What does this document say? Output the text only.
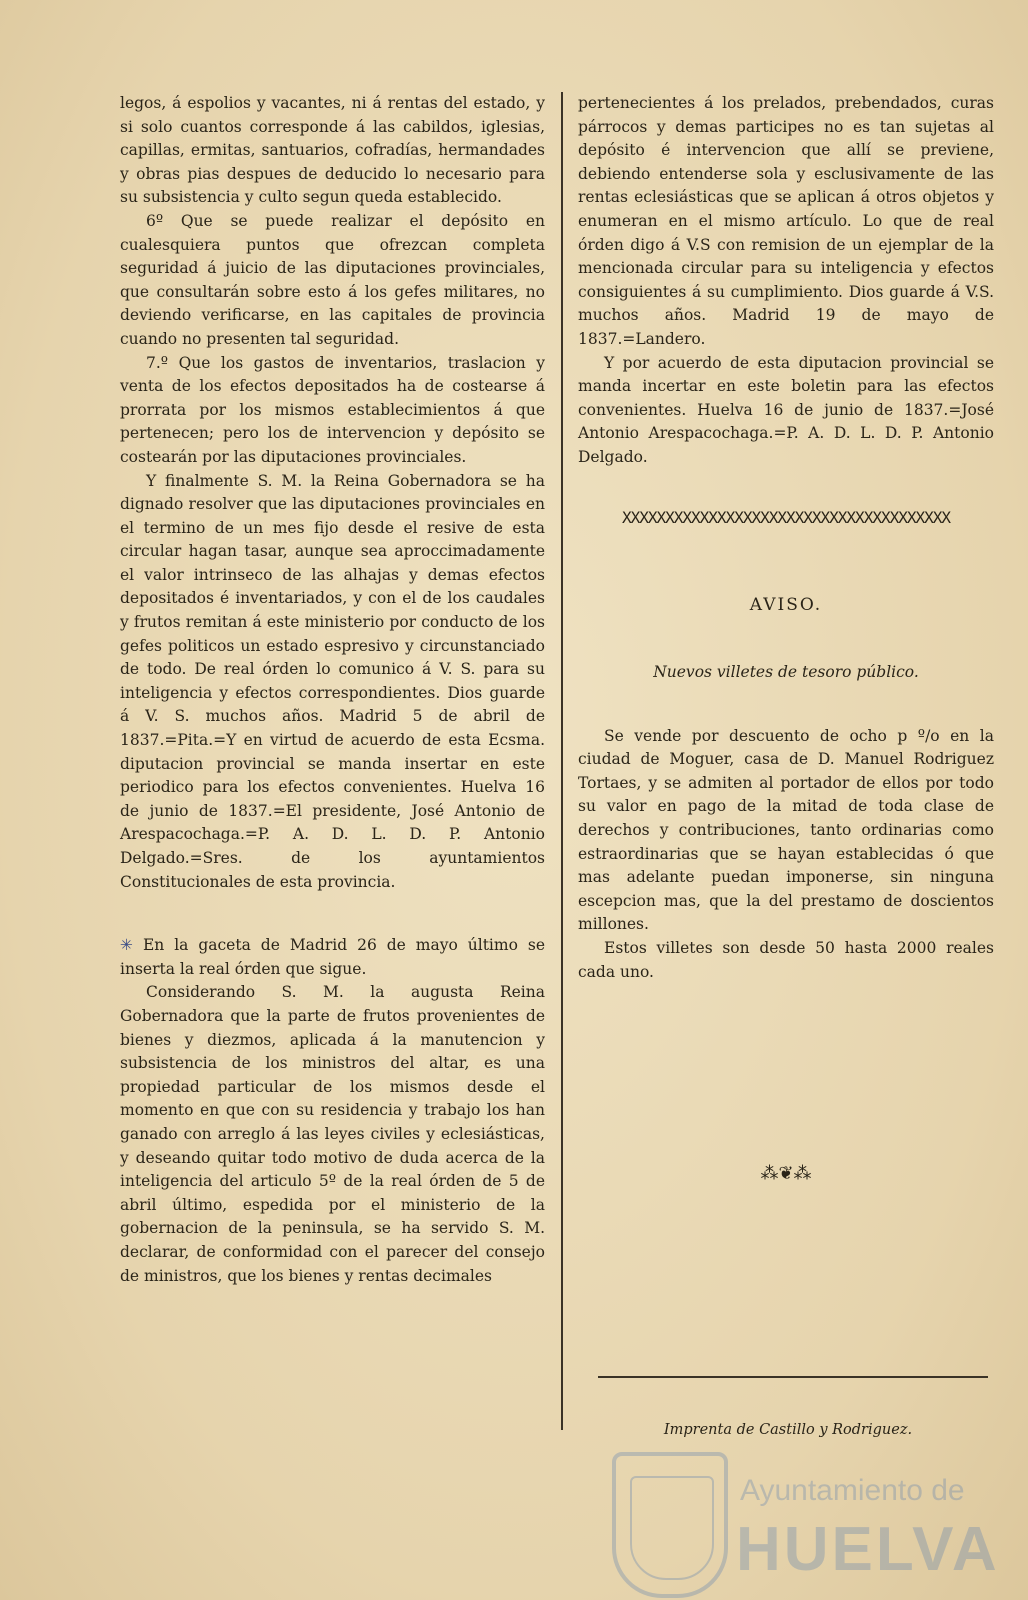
legos, á espolios y vacantes, ni á rentas del estado, y si solo cuantos corresponde á las cabildos, iglesias, capillas, ermitas, santuarios, cofradías, hermandades y obras pias despues de deducido lo necesario para su subsistencia y culto segun queda establecido.

6º Que se puede realizar el depósito en cualesquiera puntos que ofrezcan completa seguridad á juicio de las diputaciones provinciales, que consultarán sobre esto á los gefes militares, no deviendo verificarse, en las capitales de provincia cuando no presenten tal seguridad.

7.º Que los gastos de inventarios, traslacion y venta de los efectos depositados ha de costearse á prorrata por los mismos establecimientos á que pertenecen; pero los de intervencion y depósito se costearán por las diputaciones provinciales.

Y finalmente S. M. la Reina Gobernadora se ha dignado resolver que las diputaciones provinciales en el termino de un mes fijo desde el resive de esta circular hagan tasar, aunque sea aproccimadamente el valor intrinseco de las alhajas y demas efectos depositados é inventariados, y con el de los caudales y frutos remitan á este ministerio por conducto de los gefes politicos un estado espresivo y circunstanciado de todo. De real órden lo comunico á V. S. para su inteligencia y efectos correspondientes. Dios guarde á V. S. muchos años. Madrid 5 de abril de 1837.=Pita.=Y en virtud de acuerdo de esta Ecsma. diputacion provincial se manda insertar en este periodico para los efectos convenientes. Huelva 16 de junio de 1837.=El presidente, José Antonio de Arespacochaga.=P. A. D. L. D. P. Antonio Delgado.=Sres. de los ayuntamientos Constitucionales de esta provincia.

✳ En la gaceta de Madrid 26 de mayo último se inserta la real órden que sigue.

Considerando S. M. la augusta Reina Gobernadora que la parte de frutos provenientes de bienes y diezmos, aplicada á la manutencion y subsistencia de los ministros del altar, es una propiedad particular de los mismos desde el momento en que con su residencia y trabajo los han ganado con arreglo á las leyes civiles y eclesiásticas, y deseando quitar todo motivo de duda acerca de la inteligencia del articulo 5º de la real órden de 5 de abril último, espedida por el ministerio de la gobernacion de la peninsula, se ha servido S. M. declarar, de conformidad con el parecer del consejo de ministros, que los bienes y rentas decimales

pertenecientes á los prelados, prebendados, curas párrocos y demas participes no es tan sujetas al depósito é intervencion que allí se previene, debiendo entenderse sola y esclusivamente de las rentas eclesiásticas que se aplican á otros objetos y enumeran en el mismo artículo. Lo que de real órden digo á V.S con remision de un ejemplar de la mencionada circular para su inteligencia y efectos consiguientes á su cumplimiento. Dios guarde á V.S. muchos años. Madrid 19 de mayo de 1837.=Landero.

Y por acuerdo de esta diputacion provincial se manda incertar en este boletin para las efectos convenientes. Huelva 16 de junio de 1837.=José Antonio Arespacochaga.=P. A. D. L. D. P. Antonio Delgado.

XXXXXXXXXXXXXXXXXXXXXXXXXXXXXXXXXXXXXX
AVISO.
Nuevos villetes de tesoro público.

Se vende por descuento de ocho p º/o en la ciudad de Moguer, casa de D. Manuel Rodriguez Tortaes, y se admiten al portador de ellos por todo su valor en pago de la mitad de toda clase de derechos y contribuciones, tanto ordinarias como estraordinarias que se hayan establecidas ó que mas adelante puedan imponerse, sin ninguna escepcion mas, que la del prestamo de doscientos millones.

Estos villetes son desde 50 hasta 2000 reales cada uno.

⁂❦⁂
Imprenta de Castillo y Rodriguez.
Ayuntamiento de
HUELVA
